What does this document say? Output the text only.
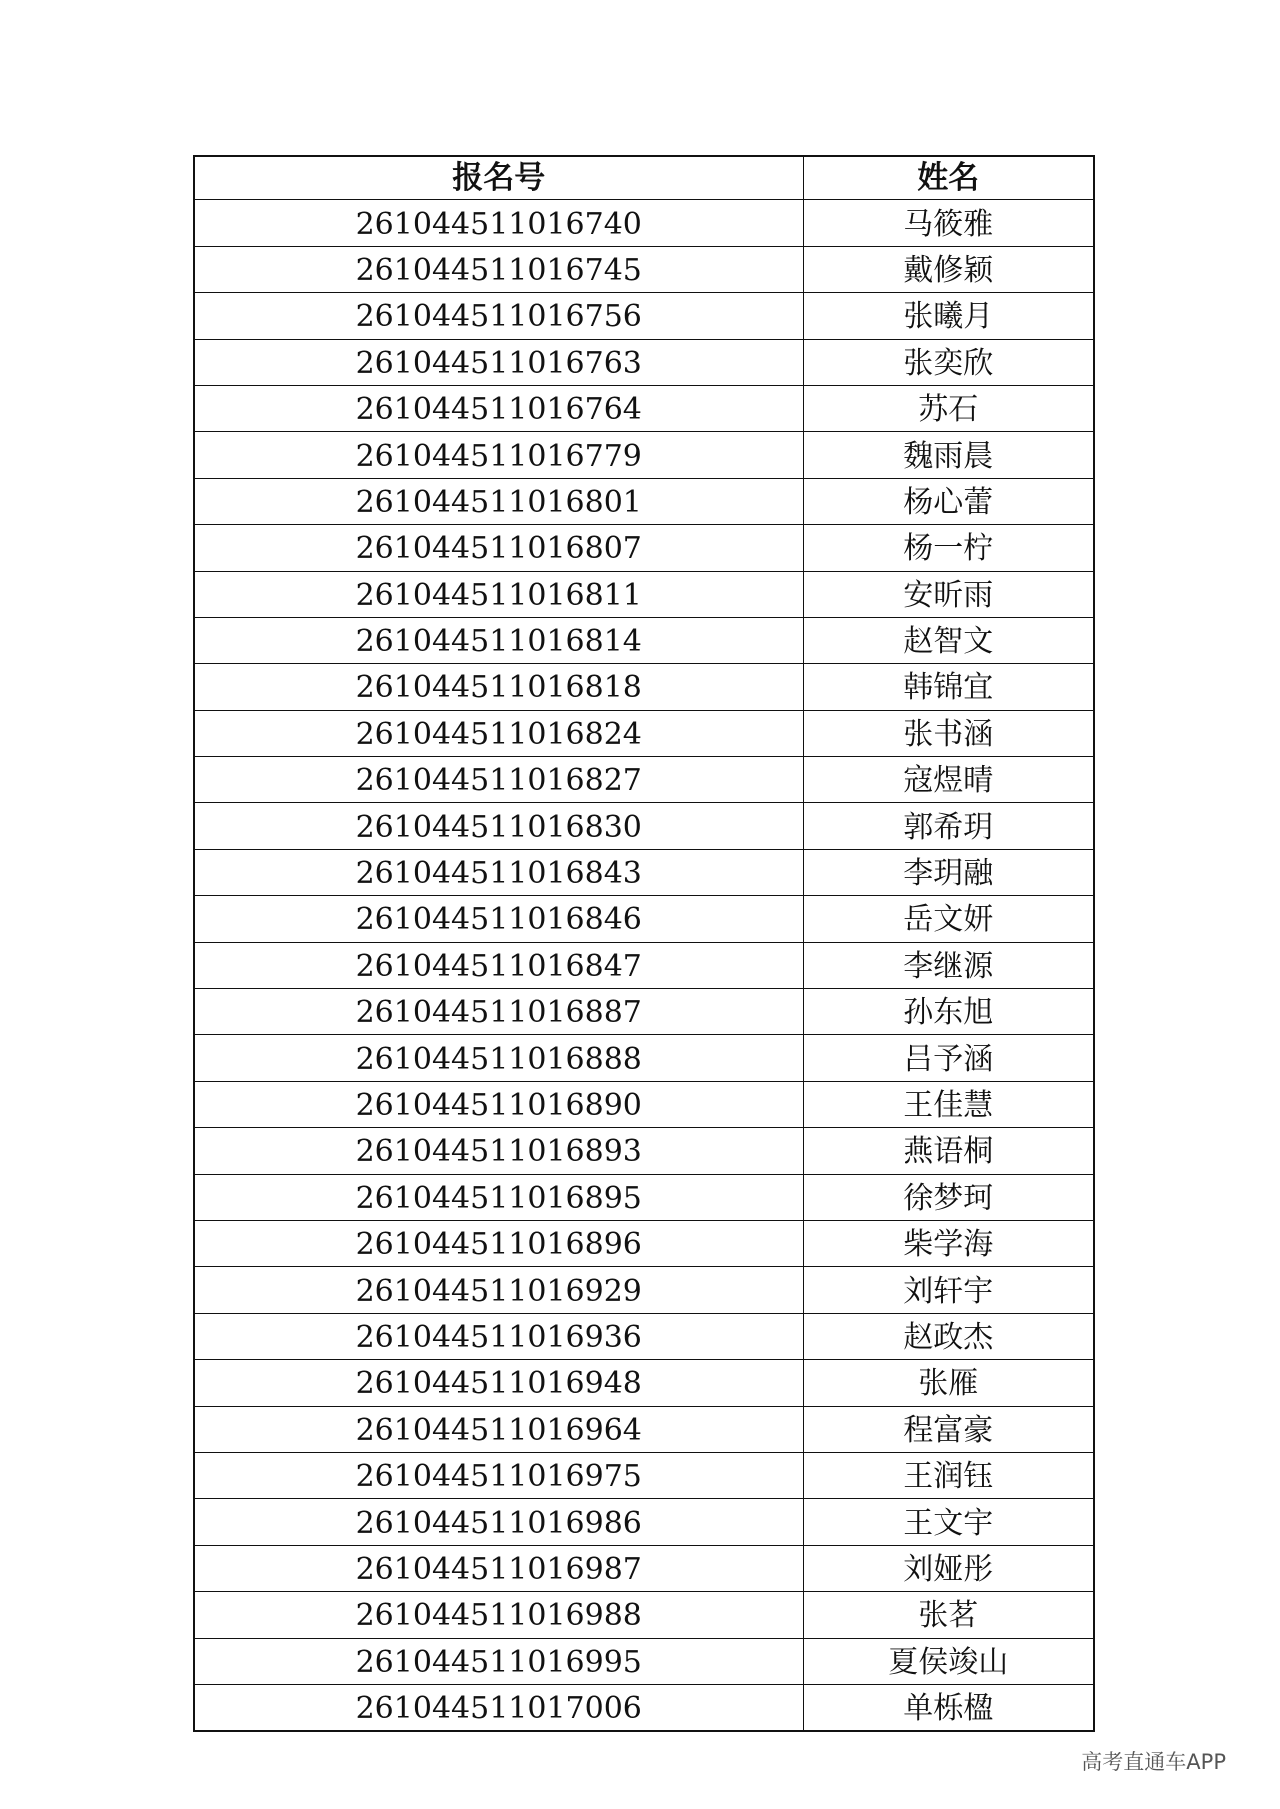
报名号	姓名
261044511016740	马筱雅
261044511016745	戴修颖
261044511016756	张曦月
261044511016763	张奕欣
261044511016764	苏石
261044511016779	魏雨晨
261044511016801	杨心蕾
261044511016807	杨一柠
261044511016811	安昕雨
261044511016814	赵智文
261044511016818	韩锦宜
261044511016824	张书涵
261044511016827	寇煜晴
261044511016830	郭希玥
261044511016843	李玥融
261044511016846	岳文妍
261044511016847	李继源
261044511016887	孙东旭
261044511016888	吕予涵
261044511016890	王佳慧
261044511016893	燕语桐
261044511016895	徐梦珂
261044511016896	柴学海
261044511016929	刘轩宇
261044511016936	赵政杰
261044511016948	张雁
261044511016964	程富豪
261044511016975	王润钰
261044511016986	王文宇
261044511016987	刘娅彤
261044511016988	张茗
261044511016995	夏侯竣山
261044511017006	单栎楹
高考直通车APP
